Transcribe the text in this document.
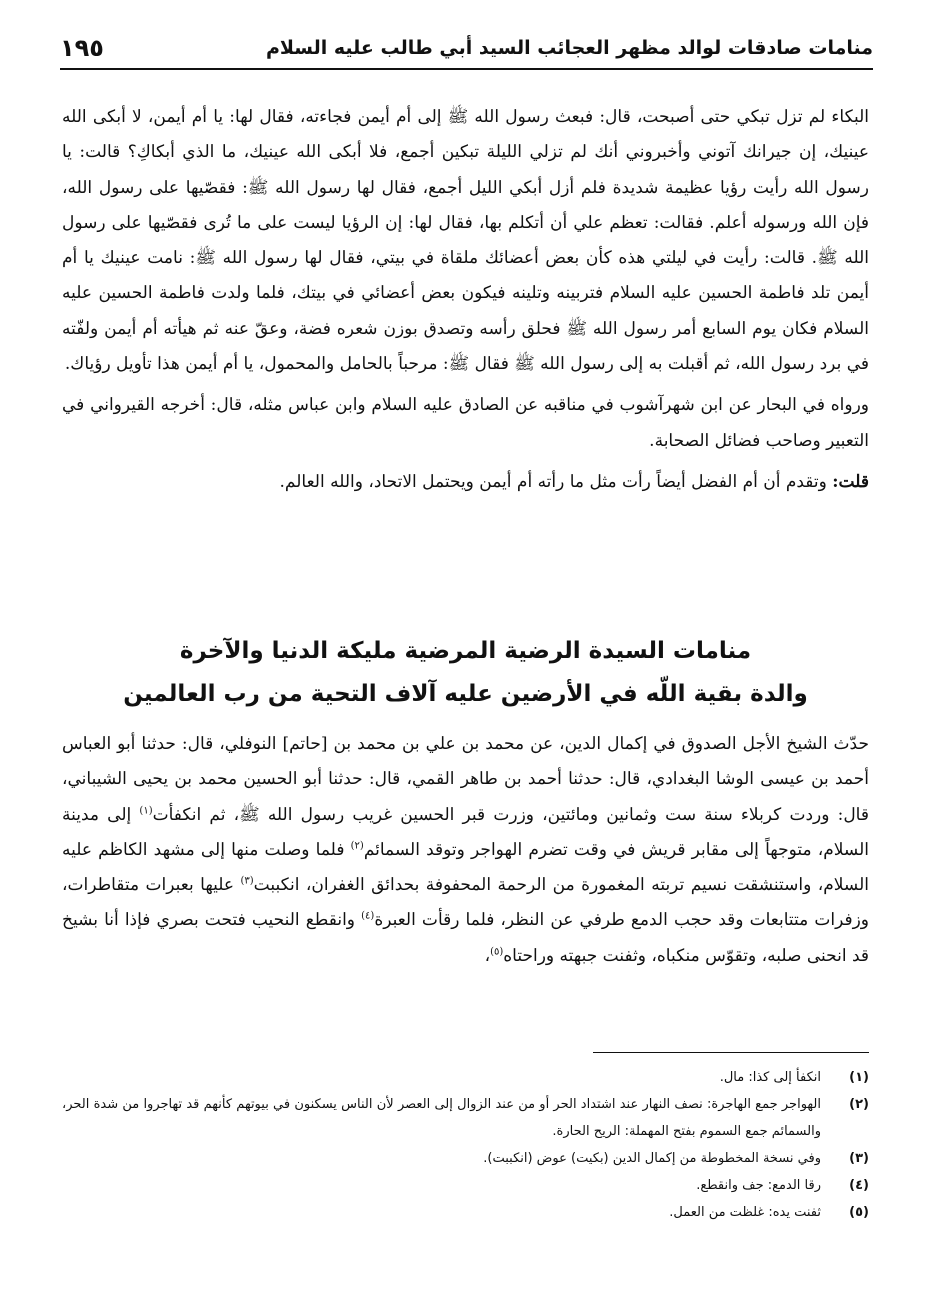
منامات صادقات لوالد مظهر العجائب السيد أبي طالب عليه السلام
١٩٥

البكاء لم تزل تبكي حتى أصبحت، قال: فبعث رسول الله ﷺ إلى أم أيمن فجاءته، فقال لها: يا أم أيمن، لا أبكى الله عينيك، إن جيرانك آتوني وأخبروني أنك لم تزلي الليلة تبكين أجمع، فلا أبكى الله عينيك، ما الذي أبكاكِ؟ قالت: يا رسول الله رأيت رؤيا عظيمة شديدة فلم أزل أبكي الليل أجمع، فقال لها رسول الله ﷺ: فقصّيها على رسول الله، فإن الله ورسوله أعلم. فقالت: تعظم علي أن أتكلم بها، فقال لها: إن الرؤيا ليست على ما تُرى فقصّيها على رسول الله ﷺ. قالت: رأيت في ليلتي هذه كأن بعض أعضائك ملقاة في بيتي، فقال لها رسول الله ﷺ: نامت عينيك يا أم أيمن تلد فاطمة الحسين عليه السلام فتربينه وتلينه فيكون بعض أعضائي في بيتك، فلما ولدت فاطمة الحسين عليه السلام فكان يوم السابع أمر رسول الله ﷺ فحلق رأسه وتصدق بوزن شعره فضة، وعقّ عنه ثم هيأته أم أيمن ولفّته في برد رسول الله، ثم أقبلت به إلى رسول الله ﷺ فقال ﷺ: مرحباً بالحامل والمحمول، يا أم أيمن هذا تأويل رؤياك.

ورواه في البحار عن ابن شهرآشوب في مناقبه عن الصادق عليه السلام وابن عباس مثله، قال: أخرجه القيرواني في التعبير وصاحب فضائل الصحابة.

قلت: وتقدم أن أم الفضل أيضاً رأت مثل ما رأته أم أيمن ويحتمل الاتحاد، والله العالم.

منامات السيدة الرضية المرضية مليكة الدنيا والآخرة
والدة بقية اللّه في الأرضين عليه آلاف التحية من رب العالمين

حدّث الشيخ الأجل الصدوق في إكمال الدين، عن محمد بن علي بن محمد بن [حاتم] النوفلي، قال: حدثنا أبو العباس أحمد بن عيسى الوشا البغدادي، قال: حدثنا أحمد بن طاهر القمي، قال: حدثنا أبو الحسين محمد بن يحيى الشيباني، قال: وردت كربلاء سنة ست وثمانين ومائتين، وزرت قبر الحسين غريب رسول الله ﷺ، ثم انكفأت$^{(١)}$ إلى مدينة السلام، متوجهاً إلى مقابر قريش في وقت تضرم الهواجر وتوقد السمائم$^{(٢)}$ فلما وصلت منها إلى مشهد الكاظم عليه السلام، واستنشقت نسيم تربته المغمورة من الرحمة المحفوفة بحدائق الغفران، انكببت$^{(٣)}$ عليها بعبرات متقاطرات، وزفرات متتابعات وقد حجب الدمع طرفي عن النظر، فلما رقأت العبرة$^{(٤)}$ وانقطع النحيب فتحت بصري فإذا أنا بشيخ قد انحنى صلبه، وتقوّس منكباه، وثفنت جبهته وراحتاه$^{(٥)}$،

(١)
انكفأ إلى كذا: مال.
(٢)
الهواجر جمع الهاجرة: نصف النهار عند اشتداد الحر أو من عند الزوال إلى العصر لأن الناس يسكنون في بيوتهم كأنهم قد تهاجروا من شدة الحر، والسمائم جمع السموم بفتح المهملة: الريح الحارة.
(٣)
وفي نسخة المخطوطة من إكمال الدين (بكيت) عوض (انكببت).
(٤)
رقا الدمع: جف وانقطع.
(٥)
ثفنت يده: غلظت من العمل.
